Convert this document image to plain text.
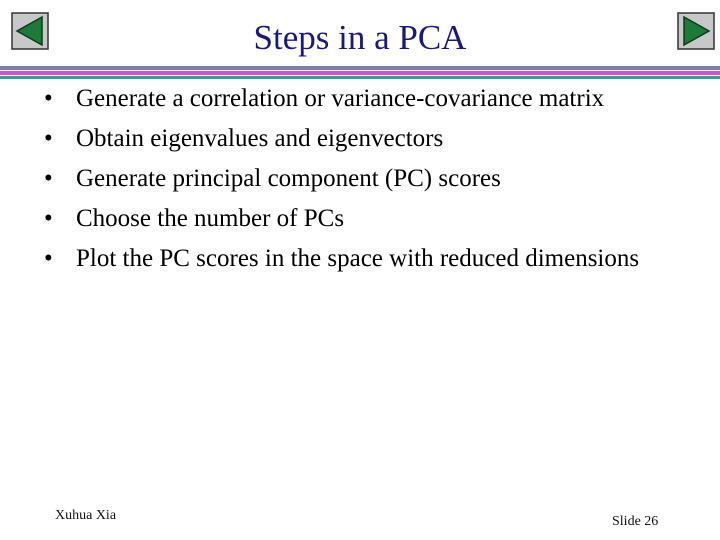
Steps in a PCA
• Generate a correlation or variance-covariance matrix
• Obtain eigenvalues and eigenvectors
• Generate principal component (PC) scores
• Choose the number of PCs
• Plot the PC scores in the space with reduced dimensions
Xuhua Xia	Slide 26
